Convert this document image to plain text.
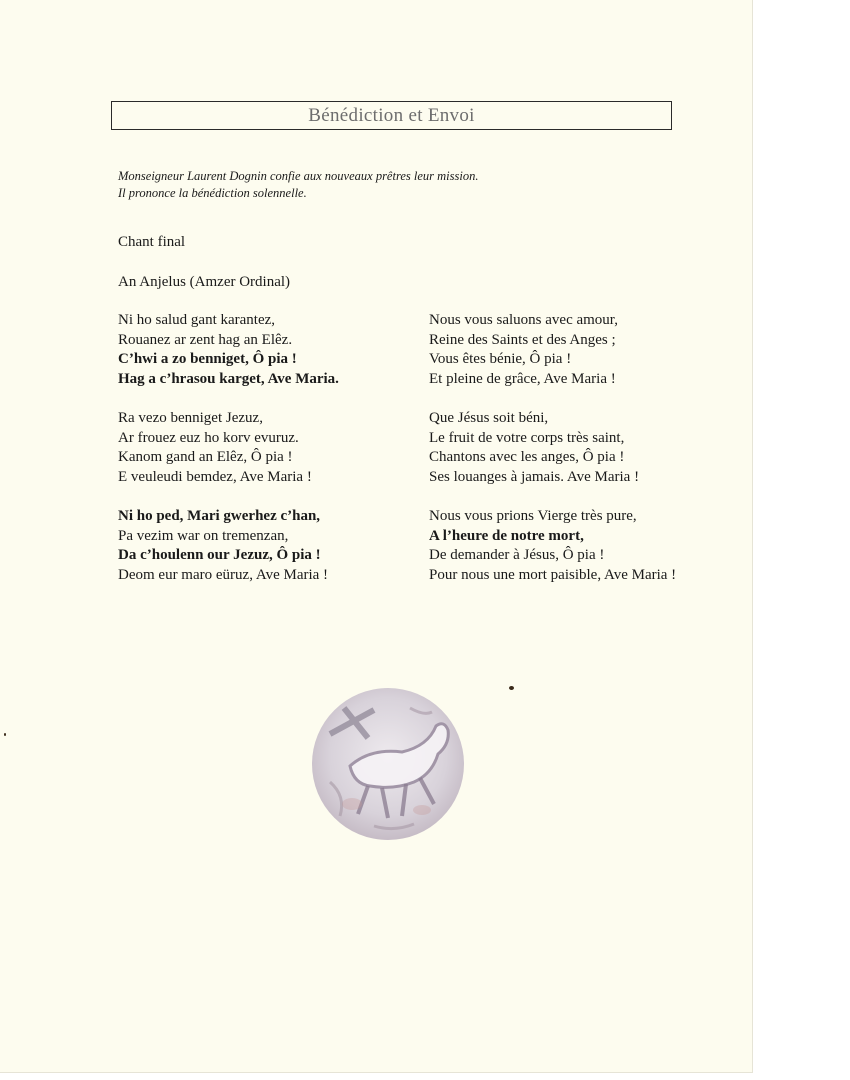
Bénédiction et Envoi
Monseigneur Laurent Dognin confie aux nouveaux prêtres leur mission.
Il prononce la bénédiction solennelle.
Chant final
An Anjelus (Amzer Ordinal)
Ni ho salud gant karantez,
Rouanez ar zent hag an Elêz.
C’hwi a zo benniget, Ô pia !
Hag a c’hrasou karget, Ave Maria.
Ra vezo benniget Jezuz,
Ar frouez euz ho korv evuruz.
Kanom gand an Elêz, Ô pia !
E veuleudi bemdez, Ave Maria !
Ni ho ped, Mari gwerhez c’han,
Pa vezim war on tremenzan,
Da c’houlenn our Jezuz, Ô pia !
Deom eur maro eüruz, Ave Maria !
Nous vous saluons avec amour,
Reine des Saints et des Anges ;
Vous êtes bénie, Ô pia !
Et pleine de grâce, Ave Maria !
Que Jésus soit béni,
Le fruit de votre corps très saint,
Chantons avec les anges, Ô pia !
Ses louanges à jamais. Ave Maria !
Nous vous prions Vierge très pure,
A l’heure de notre mort,
De demander à Jésus, Ô pia !
Pour nous une mort paisible, Ave Maria !
